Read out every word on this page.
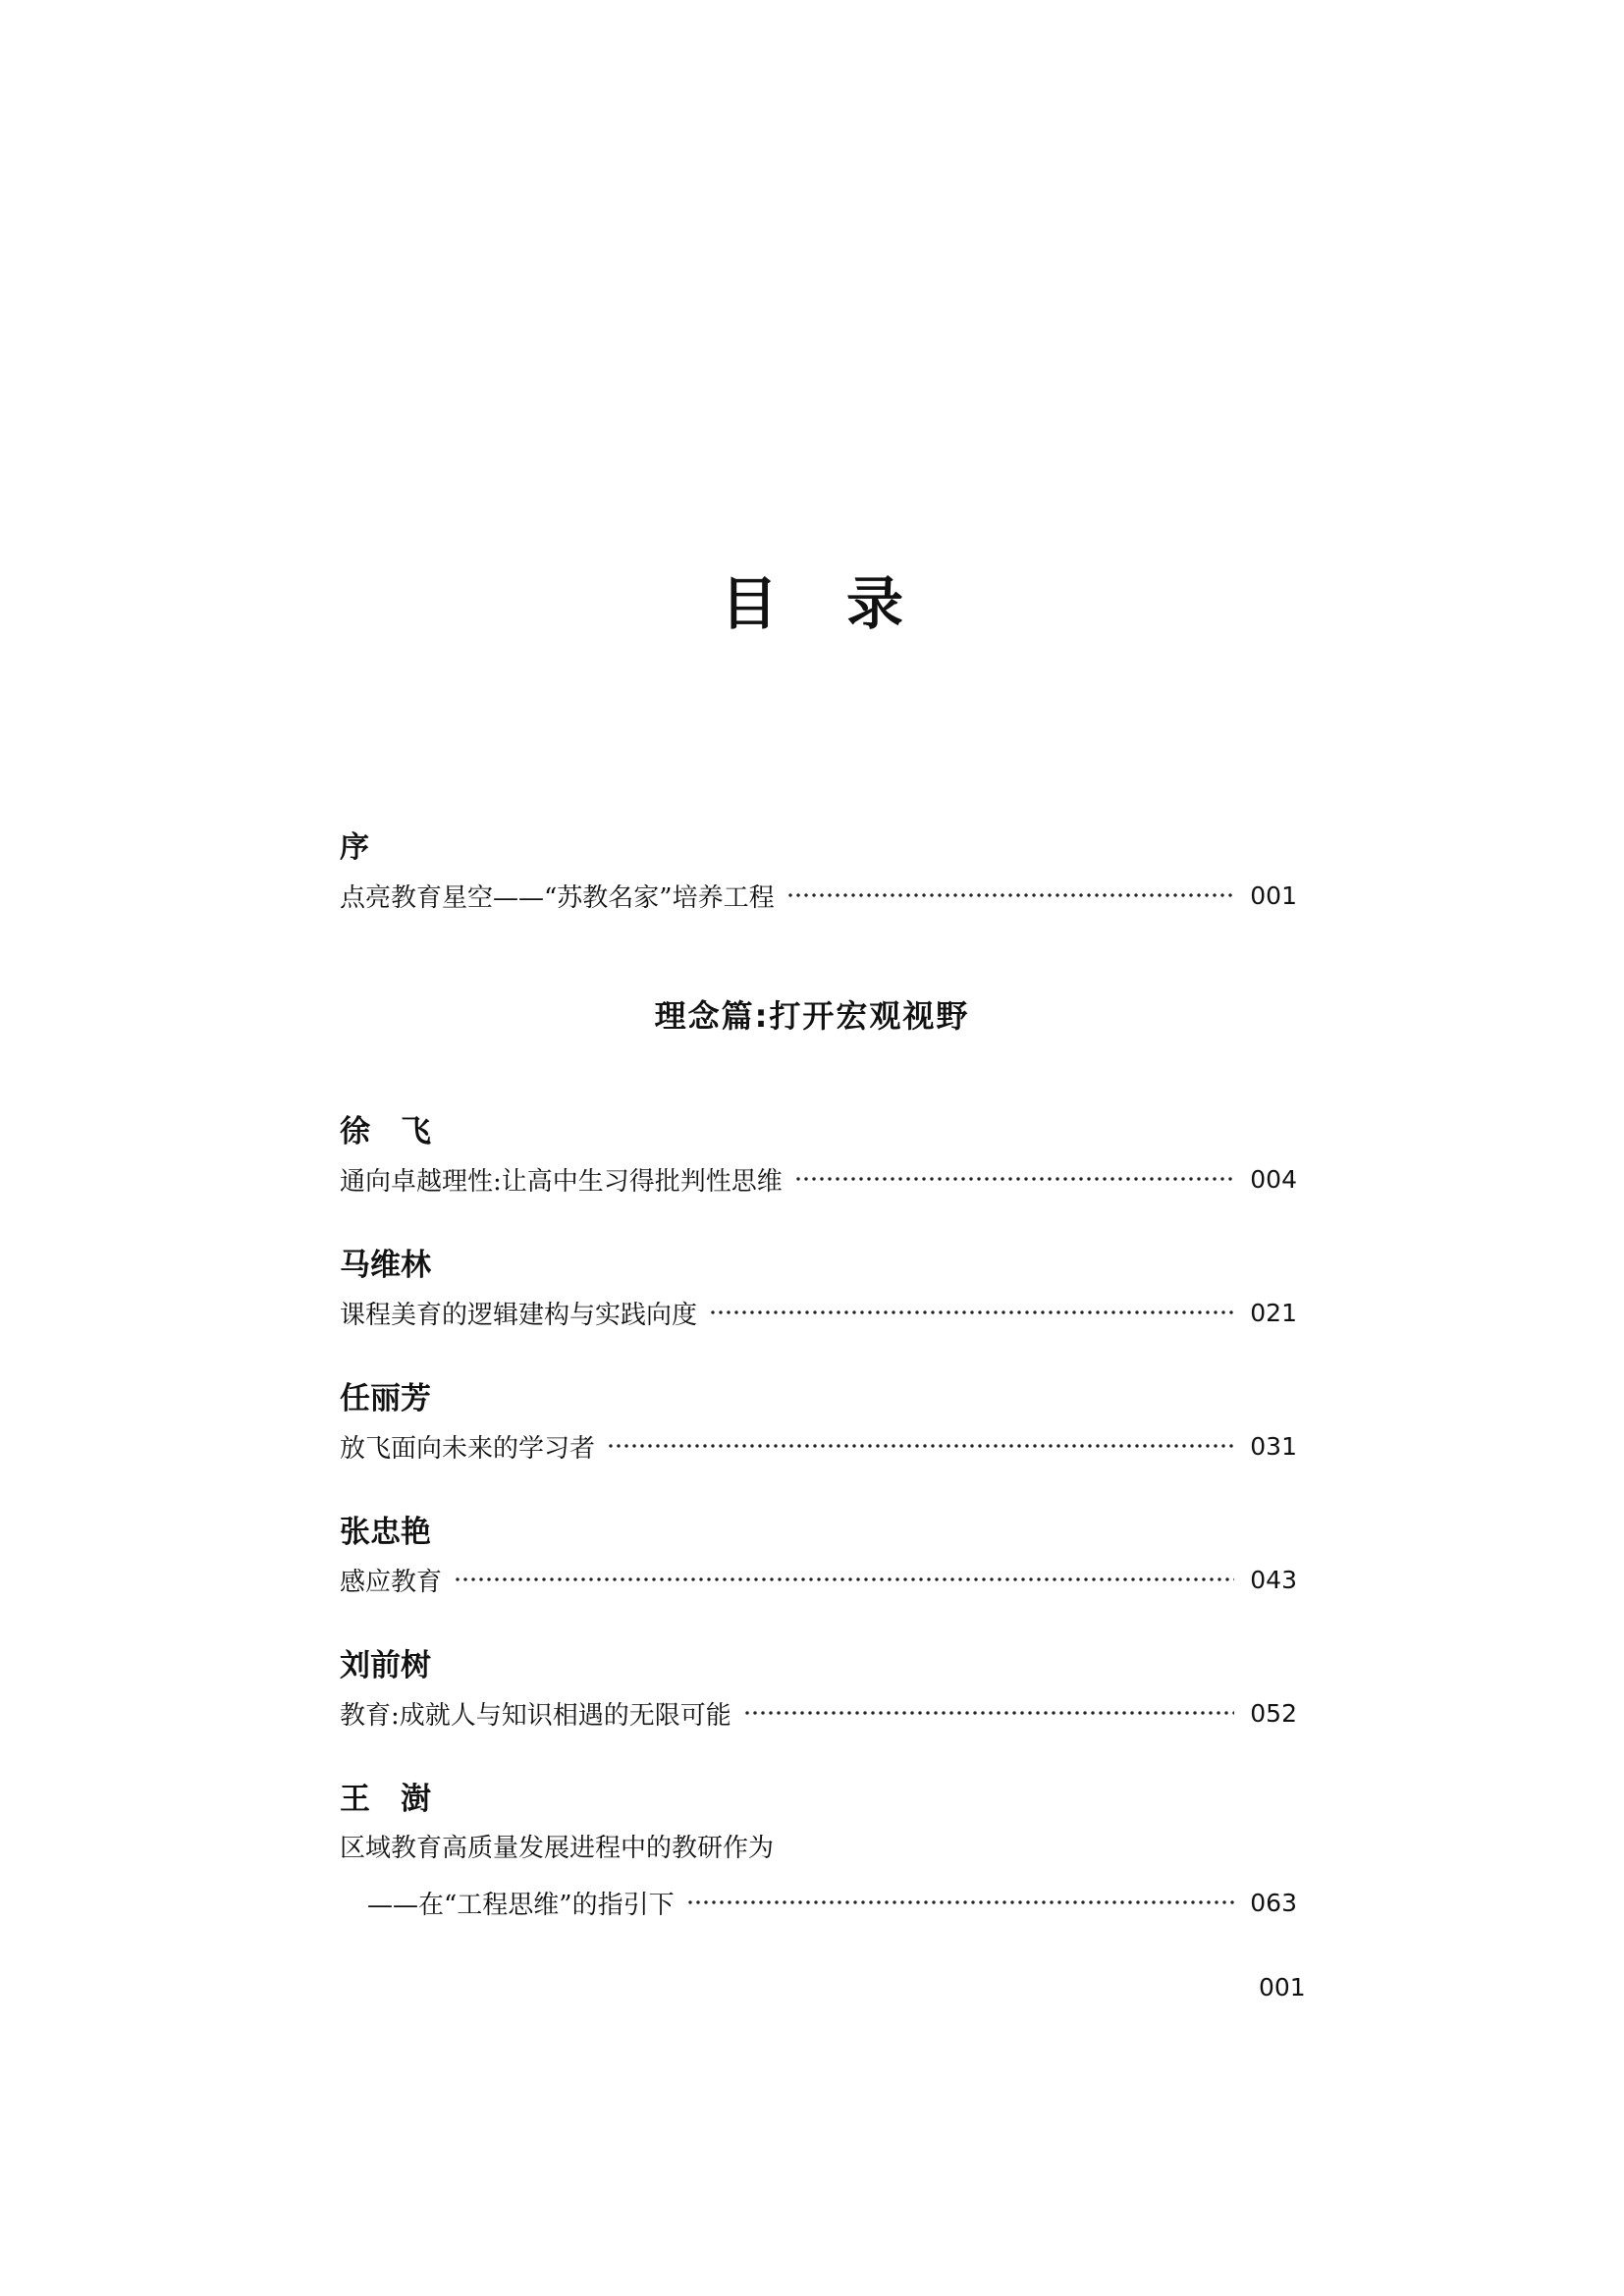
目 录
序
点亮教育星空——“苏教名家”培养工程	001
理念篇:打开宏观视野
徐　飞
通向卓越理性:让高中生习得批判性思维	004
马维林
课程美育的逻辑建构与实践向度	021
任丽芳
放飞面向未来的学习者	031
张忠艳
感应教育	043
刘前树
教育:成就人与知识相遇的无限可能	052
王　澍
区域教育高质量发展进程中的教研作为
——在“工程思维”的指引下	063
001
